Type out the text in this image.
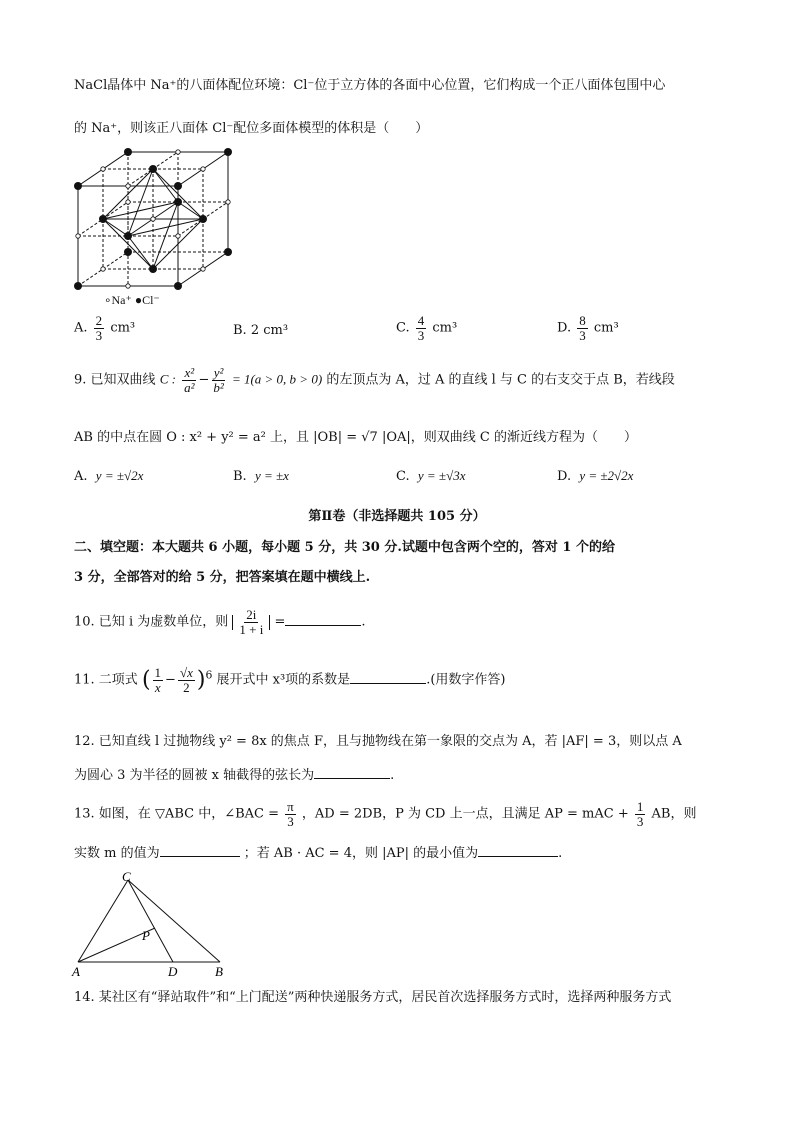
NaCl晶体中 Na⁺的八面体配位环境：Cl⁻位于立方体的各面中心位置，它们构成一个正八面体包围中心
的 Na⁺，则该正八面体 Cl⁻配位多面体模型的体积是（　　）
∘Na⁺ ●Cl⁻
A. $\frac{2}{3} cm^3$	B. 2 cm³	C. $\frac{4}{3} cm^3$	D. $\frac{8}{3} cm^3$
9. 已知双曲线 C : $\frac{\text{x²}}{\text{a²}} - \frac{\text{y²}}{\text{b²}} = 1(a > 0$, b > 0) 的左顶点为 A，过 A 的直线 l 与 C 的右支交于点 B，若线段
AB 的中点在圆 O : x² + y² = a² 上，且 |OB| = √7 |OA|，则双曲线 C 的渐近线方程为（　　）
A. y = ±√2x	B. y = ±x	C. y = ±√3x	D. y = ±2√2x
第Ⅱ卷（非选择题共 105 分）
二、填空题：本大题共 6 小题，每小题 5 分，共 30 分.试题中包含两个空的，答对 1 个的给
3 分，全部答对的给 5 分，把答案填在题中横线上.
10. 已知 i 为虚数单位，则 $\frac{2i}{1 + i}$ =	.
11. 二项式 ( $\frac{1}{x} - \frac{√x}{2} )^6$ 展开式中 x³项的系数是	.(用数字作答)
12. 已知直线 l 过抛物线 y² = 8x 的焦点 F，且与抛物线在第一象限的交点为 A，若 |AF| = 3，则以点 A
为圆心 3 为半径的圆被 x 轴截得的弦长为	.
13. 如图，在 ▽ABC 中，∠BAC = $\frac{\pi}{3}$ ，AD = 2DB，P 为 CD 上一点，且满足 AP = mAC + $\frac{1}{3}$ AB，则
实数 m 的值为	；若 AB · AC = 4，则 |AP| 的最小值为	.
C
P
A	D	B
14. 某社区有“驿站取件”和“上门配送”两种快递服务方式，居民首次选择服务方式时，选择两种服务方式
